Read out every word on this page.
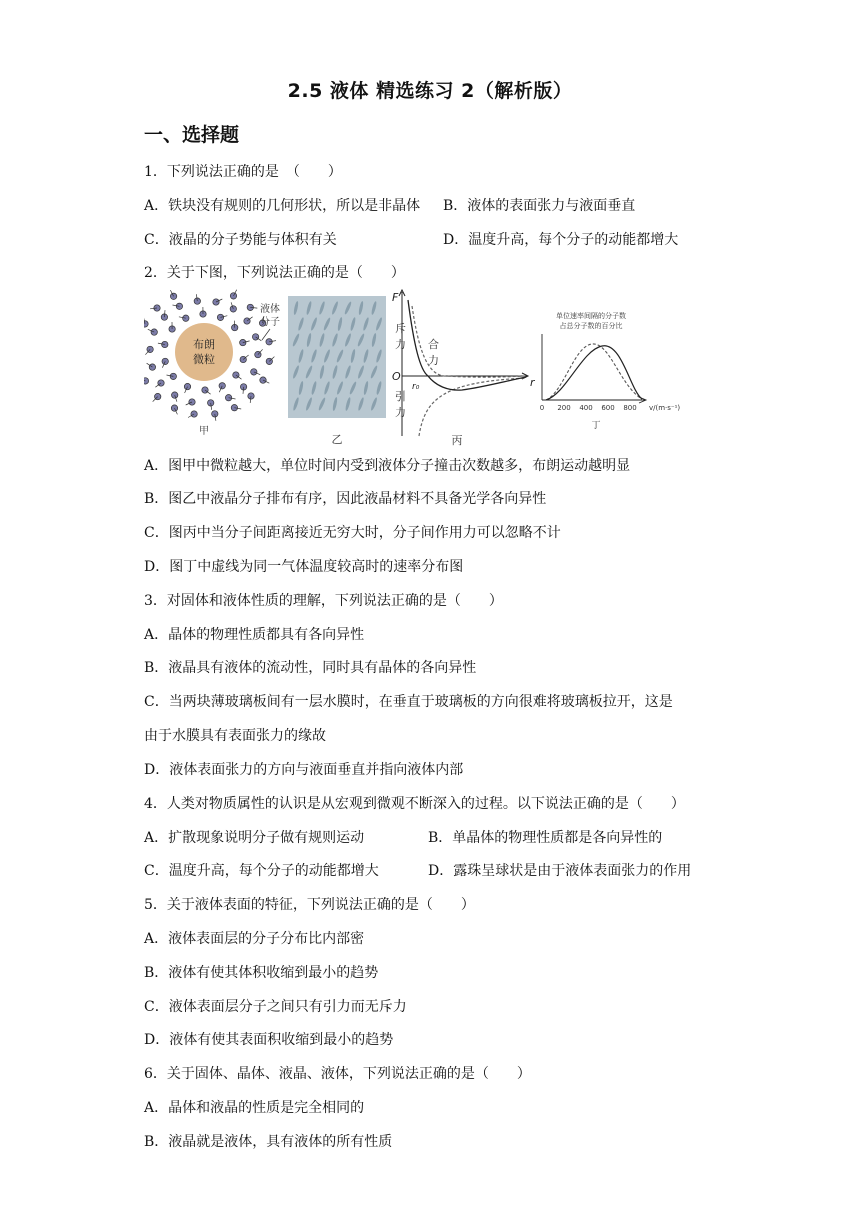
2.5 液体 精选练习 2（解析版）
一、选择题
1．下列说法正确的是　（　　）
A．铁块没有规则的几何形状，所以是非晶体 B．液体的表面张力与液面垂直
C．液晶的分子势能与体积有关	D．温度升高，每个分子的动能都增大
2．关于下图，下列说法正确的是（　　）
布朗
微粒
液体
分子
甲
乙
F
O	r
r₀
斥
力 合
力
引
力
丙
单位速率间隔的分子数
占总分子数的百分比
0 200 400 600 800 v/(m·s⁻¹)
丁
A．图甲中微粒越大，单位时间内受到液体分子撞击次数越多，布朗运动越明显
B．图乙中液晶分子排布有序，因此液晶材料不具备光学各向异性
C．图丙中当分子间距离接近无穷大时，分子间作用力可以忽略不计
D．图丁中虚线为同一气体温度较高时的速率分布图
3．对固体和液体性质的理解，下列说法正确的是（　　）
A．晶体的物理性质都具有各向异性
B．液晶具有液体的流动性，同时具有晶体的各向异性
C．当两块薄玻璃板间有一层水膜时，在垂直于玻璃板的方向很难将玻璃板拉开，这是
由于水膜具有表面张力的缘故
D．液体表面张力的方向与液面垂直并指向液体内部
4．人类对物质属性的认识是从宏观到微观不断深入的过程。以下说法正确的是（　　）
A．扩散现象说明分子做有规则运动	B．单晶体的物理性质都是各向异性的
C．温度升高，每个分子的动能都增大	D．露珠呈球状是由于液体表面张力的作用
5．关于液体表面的特征，下列说法正确的是（　　）
A．液体表面层的分子分布比内部密
B．液体有使其体积收缩到最小的趋势
C．液体表面层分子之间只有引力而无斥力
D．液体有使其表面积收缩到最小的趋势
6．关于固体、晶体、液晶、液体，下列说法正确的是（　　）
A．晶体和液晶的性质是完全相同的
B．液晶就是液体，具有液体的所有性质
